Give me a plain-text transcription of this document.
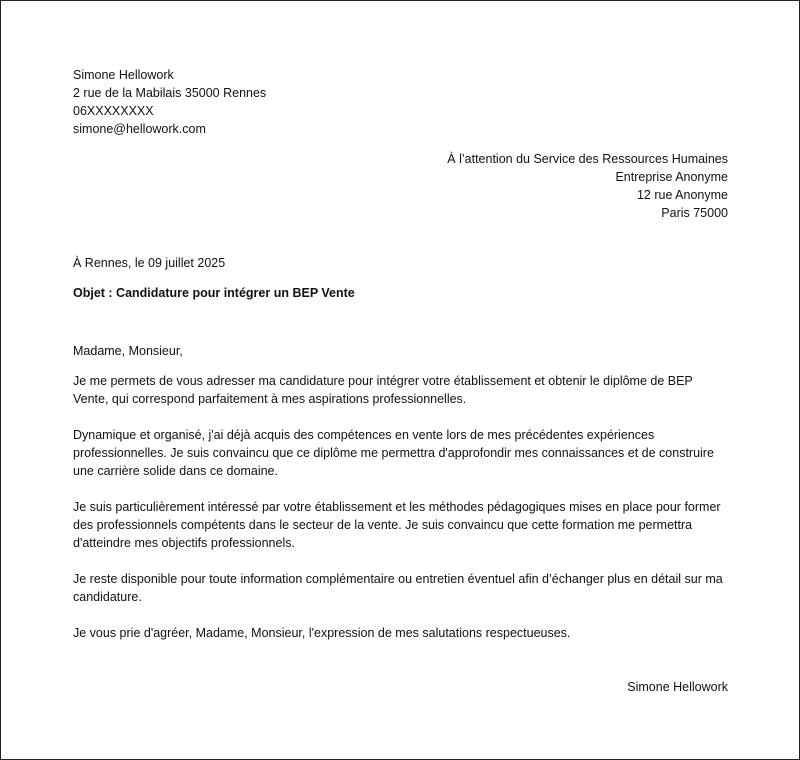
Simone Hellowork
2 rue de la Mabilais 35000 Rennes
06XXXXXXXX
simone@hellowork.com
À l’attention du Service des Ressources Humaines
Entreprise Anonyme
12 rue Anonyme
Paris 75000
À Rennes, le 09 juillet 2025
Objet : Candidature pour intégrer un BEP Vente
Madame, Monsieur,
Je me permets de vous adresser ma candidature pour intégrer votre établissement et obtenir le diplôme de BEP Vente, qui correspond parfaitement à mes aspirations professionnelles.
Dynamique et organisé, j'ai déjà acquis des compétences en vente lors de mes précédentes expériences professionnelles. Je suis convaincu que ce diplôme me permettra d'approfondir mes connaissances et de construire une carrière solide dans ce domaine.
Je suis particulièrement intéressé par votre établissement et les méthodes pédagogiques mises en place pour former des professionnels compétents dans le secteur de la vente. Je suis convaincu que cette formation me permettra d'atteindre mes objectifs professionnels.
Je reste disponible pour toute information complémentaire ou entretien éventuel afin d’échanger plus en détail sur ma candidature.
Je vous prie d'agréer, Madame, Monsieur, l'expression de mes salutations respectueuses.
Simone Hellowork
